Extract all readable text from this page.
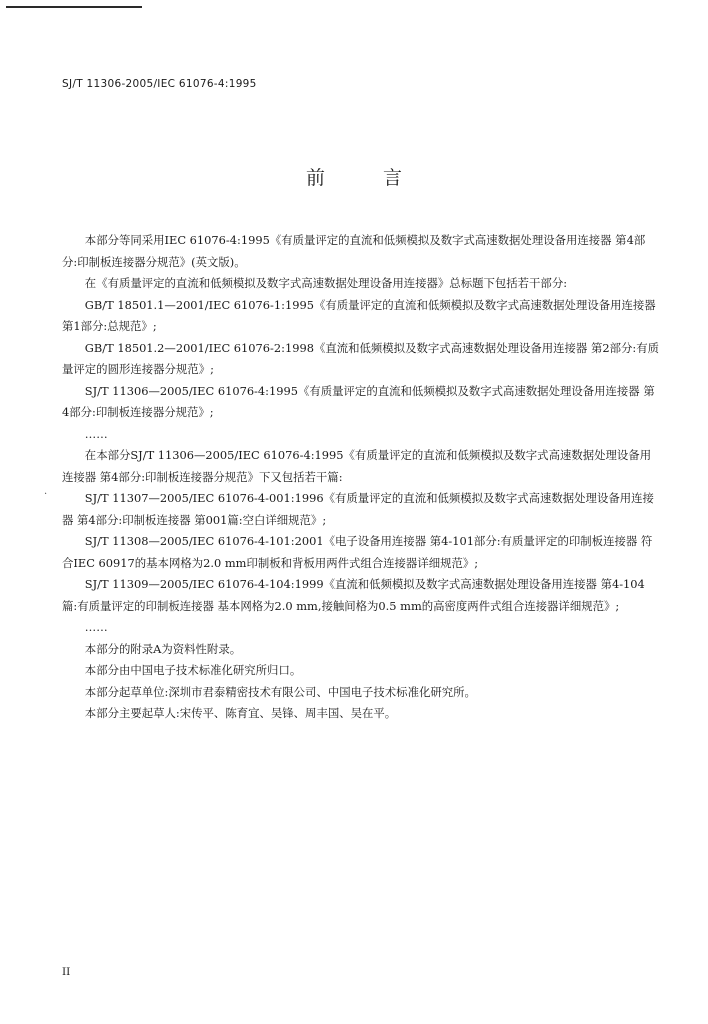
SJ/T 11306-2005/IEC 61076-4:1995
前	言
.

本部分等同采用IEC 61076-4:1995《有质量评定的直流和低频模拟及数字式高速数据处理设备用连接器 第4部分:印制板连接器分规范》(英文版)。

在《有质量评定的直流和低频模拟及数字式高速数据处理设备用连接器》总标题下包括若干部分:

GB/T 18501.1—2001/IEC 61076-1:1995《有质量评定的直流和低频模拟及数字式高速数据处理设备用连接器 第1部分:总规范》;

GB/T 18501.2—2001/IEC 61076-2:1998《直流和低频模拟及数字式高速数据处理设备用连接器 第2部分:有质量评定的圆形连接器分规范》;

SJ/T 11306—2005/IEC 61076-4:1995《有质量评定的直流和低频模拟及数字式高速数据处理设备用连接器 第4部分:印制板连接器分规范》;

……

在本部分SJ/T 11306—2005/IEC 61076-4:1995《有质量评定的直流和低频模拟及数字式高速数据处理设备用连接器 第4部分:印制板连接器分规范》下又包括若干篇:

SJ/T 11307—2005/IEC 61076-4-001:1996《有质量评定的直流和低频模拟及数字式高速数据处理设备用连接器 第4部分:印制板连接器 第001篇:空白详细规范》;

SJ/T 11308—2005/IEC 61076-4-101:2001《电子设备用连接器 第4-101部分:有质量评定的印制板连接器 符合IEC 60917的基本网格为2.0 mm印制板和背板用两件式组合连接器详细规范》;

SJ/T 11309—2005/IEC 61076-4-104:1999《直流和低频模拟及数字式高速数据处理设备用连接器 第4-104篇:有质量评定的印制板连接器 基本网格为2.0 mm,接触间格为0.5 mm的高密度两件式组合连接器详细规范》;

……

本部分的附录A为资料性附录。

本部分由中国电子技术标准化研究所归口。

本部分起草单位:深圳市君泰精密技术有限公司、中国电子技术标准化研究所。

本部分主要起草人:宋传平、陈育宜、吴锋、周丰国、吴在平。

II
